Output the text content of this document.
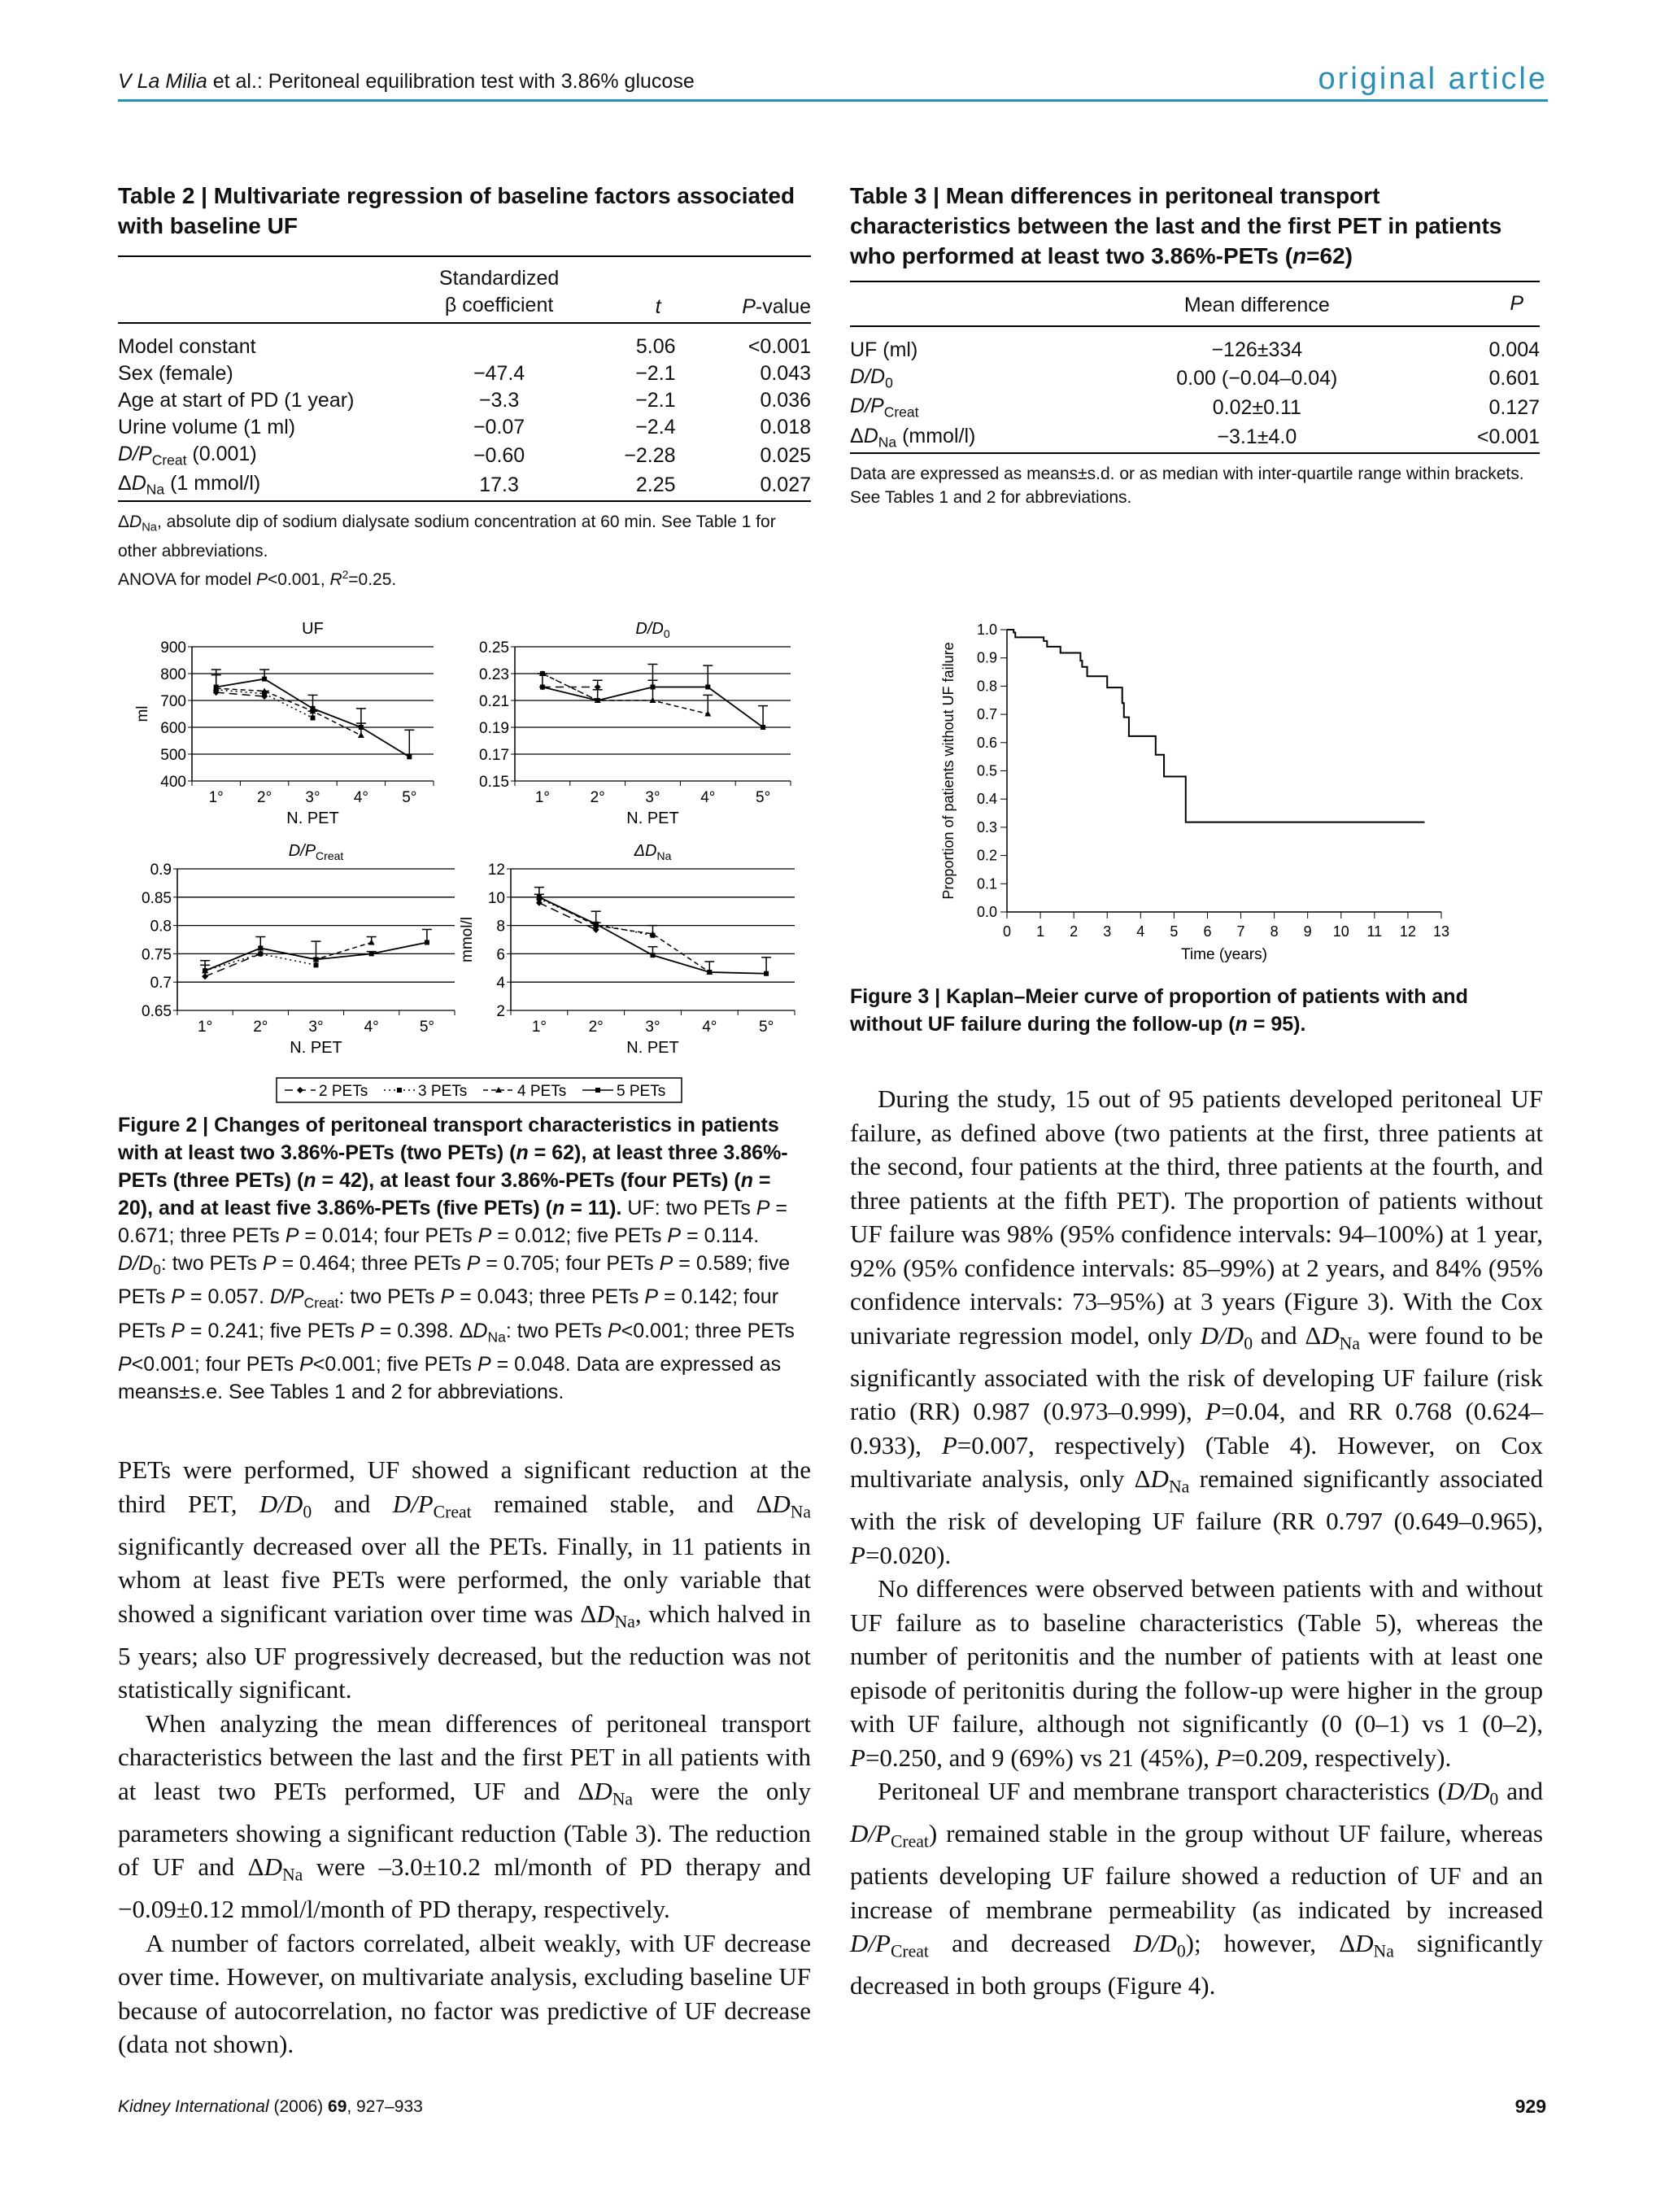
V La Milia et al.: Peritoneal equilibration test with 3.86% glucose	original article
Table 2 | Multivariate regression of baseline factors associated with baseline UF
	Standardized		
	β coefficient	t	P-value
Model constant		5.06	<0.001
Sex (female)	−47.4	−2.1	0.043
Age at start of PD (1 year)	−3.3	−2.1	0.036
Urine volume (1 ml)	−0.07	−2.4	0.018
$D/P_{Creat}$ (0.001)	−0.60	−2.28	0.025
$\Delta D_{Na}$ (1 mmol/l)	17.3	2.25	0.027
$\Delta D_{Na}$, absolute dip of sodium dialysate sodium concentration at 60 min. See Table 1 for other abbreviations.
ANOVA for model P<0.001, $R^2=0.25$.
Table 3 | Mean differences in peritoneal transport characteristics between the last and the first PET in patients who performed at least two 3.86%-PETs (n=62)
	Mean difference	P
UF (ml)	−126±334	0.004
$D/D_0$	0.00 (−0.04–0.04)	0.601
$D/P_{Creat}$	0.02±0.11	0.127
$\Delta D_{Na}$ (mmol/l)	−3.1±4.0	<0.001
Data are expressed as means±s.d. or as median with inter-quartile range within brackets.
See Tables 1 and 2 for abbreviations.
400
500
600
700
800
900
1° 2° 3° 4° 5°
N. PET
ml
UF
0.15
0.17
0.19
0.21
0.23
0.25
1°	2°	3°	4°	5°
N. PET
$D/D_0$
0.65
0.7
0.75
0.8
0.85
0.9
1°	2°	3°	4°	5°
N. PET
$D/P_{Creat}$
2
4
6
8
10
12
1°	2°	3°	4°	5°
N. PET
mmol/l
$\Delta D_{Na}$
2 PETs	3 PETs	4 PETs	5 PETs
Figure 2 | Changes of peritoneal transport characteristics in patients with at least two 3.86%-PETs (two PETs) (n = 62), at least three 3.86%-PETs (three PETs) (n = 42), at least four 3.86%-PETs (four PETs) (n = 20), and at least five 3.86%-PETs (five PETs) (n = 11). UF: two PETs P = 0.671; three PETs P = 0.014; four PETs P = 0.012; five PETs P = 0.114. $D/D_0$: two PETs P = 0.464; three PETs P = 0.705; four PETs P = 0.589; five PETs P = 0.057. $D/P_{Creat}$: two PETs P = 0.043; three PETs P = 0.142; four PETs P = 0.241; five PETs P = 0.398. $\Delta D_{Na}$: two PETs P<0.001; three PETs P<0.001; four PETs P<0.001; five PETs P = 0.048. Data are expressed as means±s.e. See Tables 1 and 2 for abbreviations.
0.0
0.1
0.2
0.3
0.4
0.5
0.6
0.7
0.8
0.9
1.0
0 1 2 3 4 5 6 7 8 9 10 11 12 13
Time (years)
Proportion of patients without UF failure
Figure 3 | Kaplan–Meier curve of proportion of patients with and without UF failure during the follow-up (n = 95).

PETs were performed, UF showed a significant reduction at the third PET, $D/D_0$ and $D/P_{Creat}$ remained stable, and $\Delta D_{Na}$ significantly decreased over all the PETs. Finally, in 11 patients in whom at least five PETs were performed, the only variable that showed a significant variation over time was $\Delta D_{Na}$, which halved in 5 years; also UF progressively decreased, but the reduction was not statistically significant.

When analyzing the mean differences of peritoneal transport characteristics between the last and the first PET in all patients with at least two PETs performed, UF and $\Delta D_{Na}$ were the only parameters showing a significant reduction (Table 3). The reduction of UF and $\Delta D_{Na}$ were –3.0±10.2 ml/month of PD therapy and −0.09±0.12 mmol/l/month of PD therapy, respectively.

A number of factors correlated, albeit weakly, with UF decrease over time. However, on multivariate analysis, excluding baseline UF because of autocorrelation, no factor was predictive of UF decrease (data not shown).

During the study, 15 out of 95 patients developed peritoneal UF failure, as defined above (two patients at the first, three patients at the second, four patients at the third, three patients at the fourth, and three patients at the fifth PET). The proportion of patients without UF failure was 98% (95% confidence intervals: 94–100%) at 1 year, 92% (95% confidence intervals: 85–99%) at 2 years, and 84% (95% confidence intervals: 73–95%) at 3 years (Figure 3). With the Cox univariate regression model, only $D/D_0$ and $\Delta D_{Na}$ were found to be significantly associated with the risk of developing UF failure (risk ratio (RR) 0.987 (0.973–0.999), P=0.04, and RR 0.768 (0.624–0.933), P=0.007, respectively) (Table 4). However, on Cox multivariate analysis, only $\Delta D_{Na}$ remained significantly associated with the risk of developing UF failure (RR 0.797 (0.649–0.965), P=0.020).

No differences were observed between patients with and without UF failure as to baseline characteristics (Table 5), whereas the number of peritonitis and the number of patients with at least one episode of peritonitis during the follow-up were higher in the group with UF failure, although not significantly (0 (0–1) vs 1 (0–2), P=0.250, and 9 (69%) vs 21 (45%), P=0.209, respectively).

Peritoneal UF and membrane transport characteristics ($D/D_0$ and $D/P_{Creat}$) remained stable in the group without UF failure, whereas patients developing UF failure showed a reduction of UF and an increase of membrane permeability (as indicated by increased $D/P_{Creat}$ and decreased $D/D_0$); however, $\Delta D_{Na}$ significantly decreased in both groups (Figure 4).

Kidney International (2006) 69, 927–933	929
